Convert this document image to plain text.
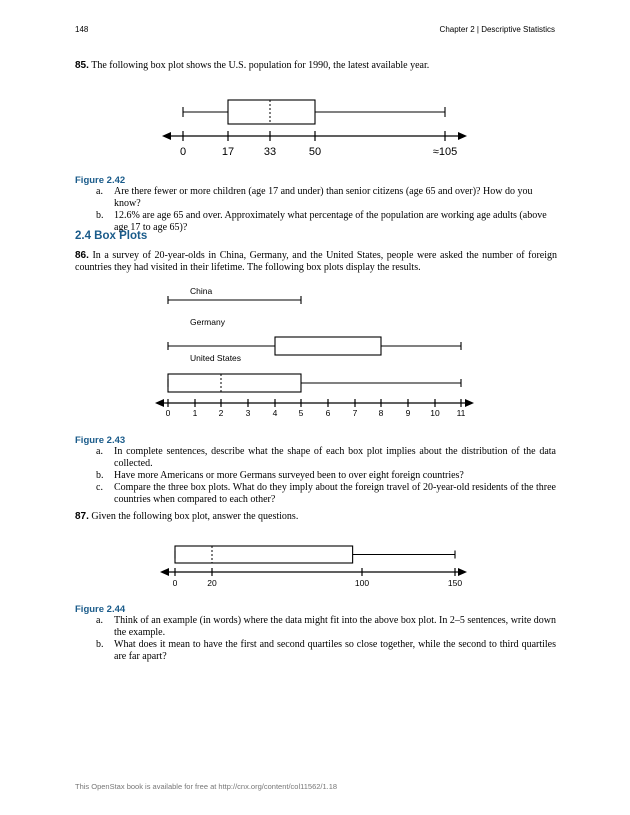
148	Chapter 2 | Descriptive Statistics
85. The following box plot shows the U.S. population for 1990, the latest available year.
0	17	33	50	≈105
Figure 2.42
a. Are there fewer or more children (age 17 and under) than senior citizens (age 65 and over)? How do you know?
b. 12.6% are age 65 and over. Approximately what percentage of the population are working age adults (above age 17 to age 65)?
2.4 Box Plots
86. In a survey of 20-year-olds in China, Germany, and the United States, people were asked the number of foreign countries they had visited in their lifetime. The following box plots display the results.
0	1	2	3	4	5	6	7	8	9 10 11
China
Germany
United States
Figure 2.43
a. In complete sentences, describe what the shape of each box plot implies about the distribution of the data collected.
b. Have more Americans or more Germans surveyed been to over eight foreign countries?
c. Compare the three box plots. What do they imply about the foreign travel of 20-year-old residents of the three countries when compared to each other?
87. Given the following box plot, answer the questions.
0	20	100	150
Figure 2.44
a. Think of an example (in words) where the data might fit into the above box plot. In 2–5 sentences, write down the example.
b. What does it mean to have the first and second quartiles so close together, while the second to third quartiles are far apart?
This OpenStax book is available for free at http://cnx.org/content/col11562/1.18
